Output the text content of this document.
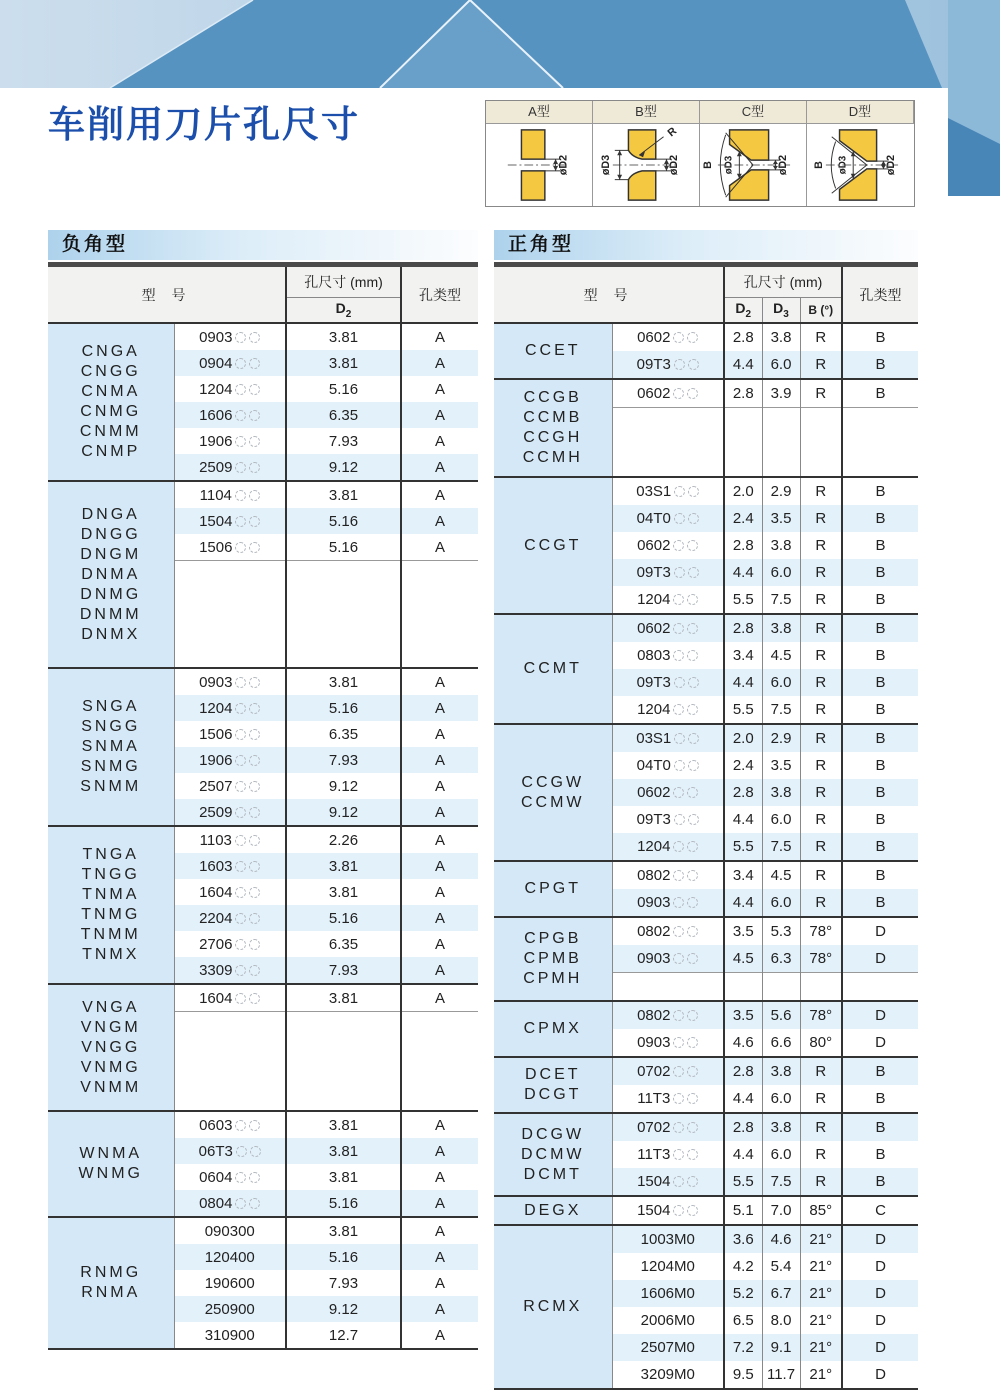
车削用刀片孔尺寸	A型	B型	C型	D型
øD2	øD3	øD2
R
B øD3	øD2 B øD3	øD2
负角型
型 号		孔尺寸 (mm)	孔类型
		$D_2$

CNGA
CNGG
CNMA
CNMG
CNMM
CNMP
	0903	3.81	A
	0904	3.81	A
	1204	5.16	A
	1606	6.35	A
	1906	7.93	A
	2509	9.12	A

DNGA
DNGG
DNGM
DNMA
DNMG
DNMM
DNMX
	1104	3.81	A
	1504	5.16	A
	1506	5.16	A

SNGA
SNGG
SNMA
SNMG
SNMM	0903	3.81	A
	1204	5.16	A
	1506	6.35	A
	1906	7.93	A
	2507	9.12	A
	2509	9.12	A

TNGA
TNGG
TNMA
TNMG
TNMM
TNMX
	1103	2.26	A
	1603	3.81	A
	1604	3.81	A
	2204	5.16	A
	2706	6.35	A
	3309	7.93	A

VNGA
VNGM
VNGG
VNMG
VNMM	1604	3.81	A

WNMA
WNMG	0603	3.81	A
	06T3	3.81	A
	0604	3.81	A
	0804	5.16	A

RNMG
RNMA	090300	3.81	A
	120400	5.16	A
	190600	7.93	A
	250900	9.12	A
	310900	12.7	A
正角型
型 号		孔尺寸 (mm)			孔类型
		$D_2$	$D_3$	B (°)	

CCET	0602	2.8	3.8	R	B
	09T3	4.4	6.0	R	B

CCGB
CCMB
CCGH
CCMH	0602	2.8	3.9	R	B

CCGT	03S1	2.0	2.9	R	B
	04T0	2.4	3.5	R	B
	0602	2.8	3.8	R	B
	09T3	4.4	6.0	R	B
	1204	5.5	7.5	R	B

CCMT	0602	2.8	3.8	R	B
	0803	3.4	4.5	R	B
	09T3	4.4	6.0	R	B
	1204	5.5	7.5	R	B

CCGW
CCMW	03S1	2.0	2.9	R	B
	04T0	2.4	3.5	R	B
	0602	2.8	3.8	R	B
	09T3	4.4	6.0	R	B
	1204	5.5	7.5	R	B

CPGT	0802	3.4	4.5	R	B
	0903	4.4	6.0	R	B

CPGB
CPMB
CPMH	0802	3.5	5.3	78°	D
	0903	4.5	6.3	78°	D

CPMX	0802	3.5	5.6	78°	D
	0903	4.6	6.6	80°	D

DCET
DCGT	0702	2.8	3.8	R	B
	11T3	4.4	6.0	R	B

DCGW
DCMW
DCMT	0702	2.8	3.8	R	B
	11T3	4.4	6.0	R	B
	1504	5.5	7.5	R	B

DEGX	1504	5.1	7.0	85°	C

RCMX	1003M0	3.6	4.6	21°	D
	1204M0	4.2	5.4	21°	D
	1606M0	5.2	6.7	21°	D
	2006M0	6.5	8.0	21°	D
	2507M0	7.2	9.1	21°	D
	3209M0	9.5	11.7	21°	D
